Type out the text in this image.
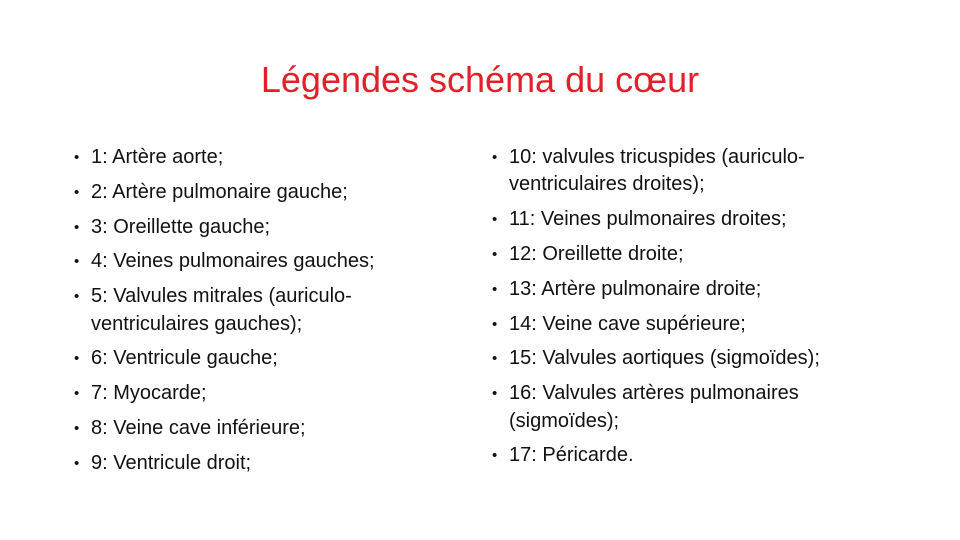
Légendes schéma du cœur
• 1: Artère aorte;
• 2: Artère pulmonaire gauche;
• 3: Oreillette gauche;
• 4: Veines pulmonaires gauches;
• 5: Valvules mitrales (auriculo-ventriculaires gauches);
• 6: Ventricule gauche;
• 7: Myocarde;
• 8: Veine cave inférieure;
• 9: Ventricule droit;
• 10: valvules tricuspides (auriculo-ventriculaires droites);
• 11: Veines pulmonaires droites;
• 12: Oreillette droite;
• 13: Artère pulmonaire droite;
• 14: Veine cave supérieure;
• 15: Valvules aortiques (sigmoïdes);
• 16: Valvules artères pulmonaires (sigmoïdes);
• 17: Péricarde.
